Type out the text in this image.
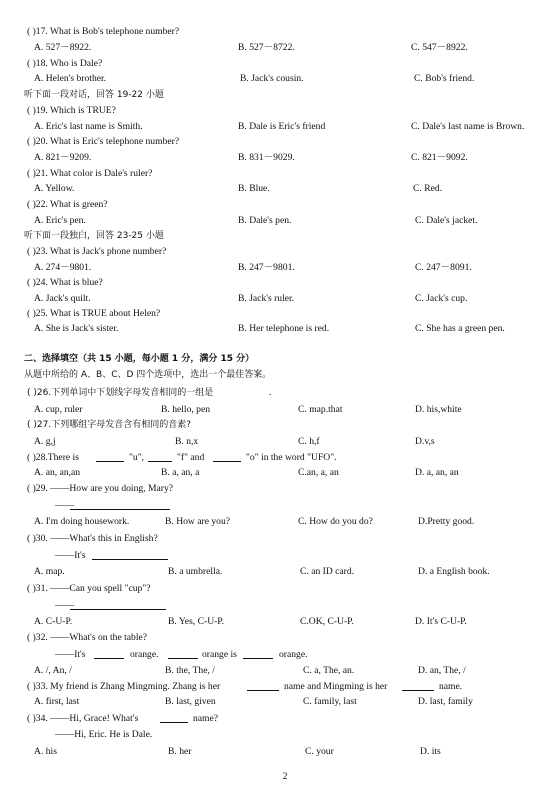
( )17. What is Bob's telephone number?
A. 527－8922.	B. 527－8722.	C. 547－8922.
( )18. Who is Dale?
A. Helen's brother.	B. Jack's cousin.	C. Bob's friend.
听下面一段对话，回答 19-22 小题
( )19. Which is TRUE?
A. Eric's last name is Smith.	B. Dale is Eric's friend	C. Dale's last name is Brown.
( )20. What is Eric's telephone number?
A. 821－9209.	B. 831－9029.	C. 821－9092.
( )21. What color is Dale's ruler?
A. Yellow.	B. Blue.	C. Red.
( )22. What is green?
A. Eric's pen.	B. Dale's pen.	C. Dale's jacket.
听下面一段独白，回答 23-25 小题
( )23. What is Jack's phone number?
A. 274－9801.	B. 247－9801.	C. 247－8091.
( )24. What is blue?
A. Jack's quilt.	B. Jack's ruler.	C. Jack's cup.
( )25. What is TRUE about Helen?
A. She is Jack's sister.	B. Her telephone is red.	C. She has a green pen.
二、选择填空（共 15 小题，每小题 1 分，满分 15 分）
从题中所给的 A、B、C、D 四个选项中，选出一个最佳答案。
( )26.下列单词中下划线字母发音相同的一组是	.
A. cup, ruler	B. hello, pen	C. map.that	D. his,white
( )27.下列哪组字母发音含有相同的音素?
A. g,j	B. n,x	C. h,f	D.v,s
( )28.There is	"u",	"f" and	"o" in the word "UFO".
A. an, an,an	B. a, an, a	C.an, a, an	D. a, an, an
( )29. ——How are you doing, Mary?
——
A. I'm doing housework.	B. How are you?	C. How do you do?	D.Pretty good.
( )30. ——What's this in English?
——It's
A. map.	B. a umbrella.	C. an ID card.	D. a English book.
( )31. ——Can you spell "cup"?
——
A. C-U-P.	B. Yes, C-U-P.	C.OK, C-U-P.	D. It's C-U-P.
( )32. ——What's on the table?
——It's	orange.	orange is	orange.
A. /, An, /	B. the, The, /	C. a, The, an.	D. an, The, /
( )33. My friend is Zhang Mingming. Zhang is her	name and Mingming is her	name.
A. first, last	B. last, given	C. family, last	D. last, family
( )34. ——Hi, Grace! What's	name?
——Hi, Eric. He is Dale.
A. his	B. her	C. your	D. its
2
